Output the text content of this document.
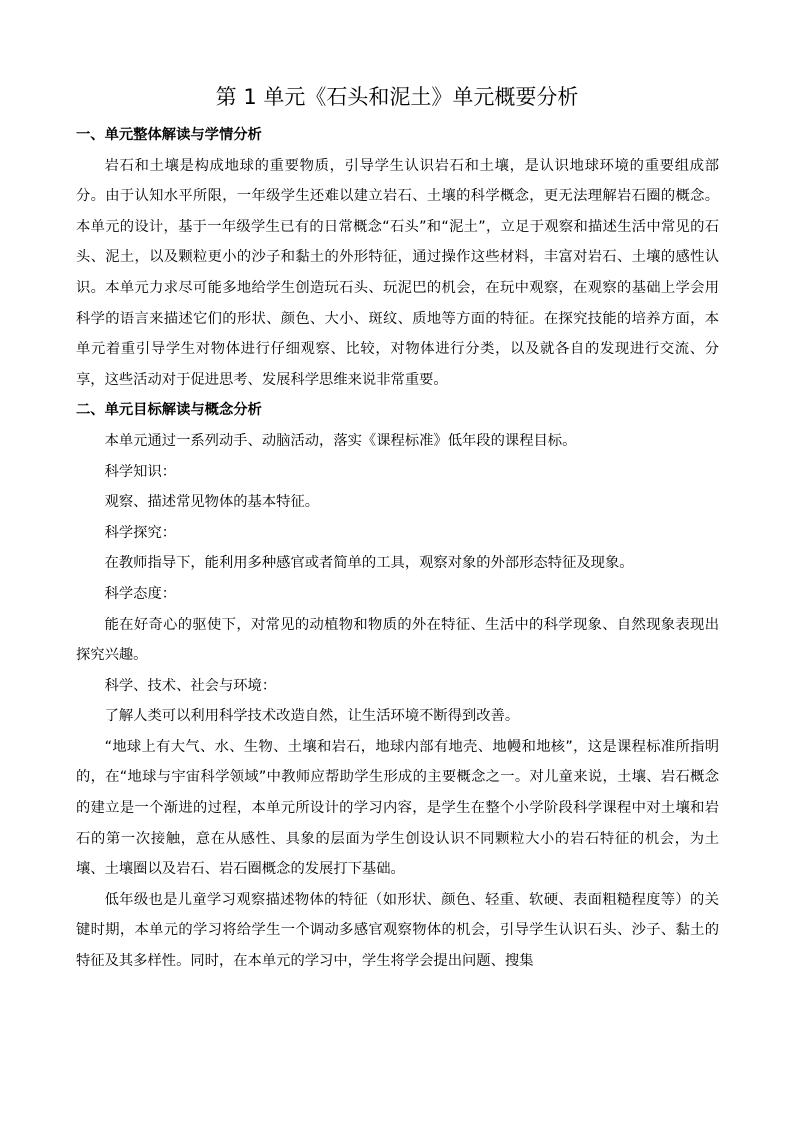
第 1 单元《石头和泥土》单元概要分析
一、单元整体解读与学情分析

岩石和土壤是构成地球的重要物质，引导学生认识岩石和土壤，是认识地球环境的重要组成部分。由于认知水平所限，一年级学生还难以建立岩石、土壤的科学概念，更无法理解岩石圈的概念。本单元的设计，基于一年级学生已有的日常概念“石头”和“泥土”，立足于观察和描述生活中常见的石头、泥土，以及颗粒更小的沙子和黏土的外形特征，通过操作这些材料，丰富对岩石、土壤的感性认识。本单元力求尽可能多地给学生创造玩石头、玩泥巴的机会，在玩中观察，在观察的基础上学会用科学的语言来描述它们的形状、颜色、大小、斑纹、质地等方面的特征。在探究技能的培养方面，本单元着重引导学生对物体进行仔细观察、比较，对物体进行分类，以及就各自的发现进行交流、分享，这些活动对于促进思考、发展科学思维来说非常重要。

二、单元目标解读与概念分析

本单元通过一系列动手、动脑活动，落实《课程标准》低年段的课程目标。

科学知识：

观察、描述常见物体的基本特征。

科学探究：

在教师指导下，能利用多种感官或者简单的工具，观察对象的外部形态特征及现象。

科学态度：

能在好奇心的驱使下，对常见的动植物和物质的外在特征、生活中的科学现象、自然现象表现出探究兴趣。

科学、技术、社会与环境：

了解人类可以利用科学技术改造自然，让生活环境不断得到改善。

“地球上有大气、水、生物、土壤和岩石，地球内部有地壳、地幔和地核”，这是课程标准所指明的，在“地球与宇宙科学领域”中教师应帮助学生形成的主要概念之一。对儿童来说，土壤、岩石概念的建立是一个渐进的过程，本单元所设计的学习内容，是学生在整个小学阶段科学课程中对土壤和岩石的第一次接触，意在从感性、具象的层面为学生创设认识不同颗粒大小的岩石特征的机会，为土壤、土壤圈以及岩石、岩石圈概念的发展打下基础。

低年级也是儿童学习观察描述物体的特征（如形状、颜色、轻重、软硬、表面粗糙程度等）的关键时期，本单元的学习将给学生一个调动多感官观察物体的机会，引导学生认识石头、沙子、黏土的特征及其多样性。同时，在本单元的学习中，学生将学会提出问题、搜集
